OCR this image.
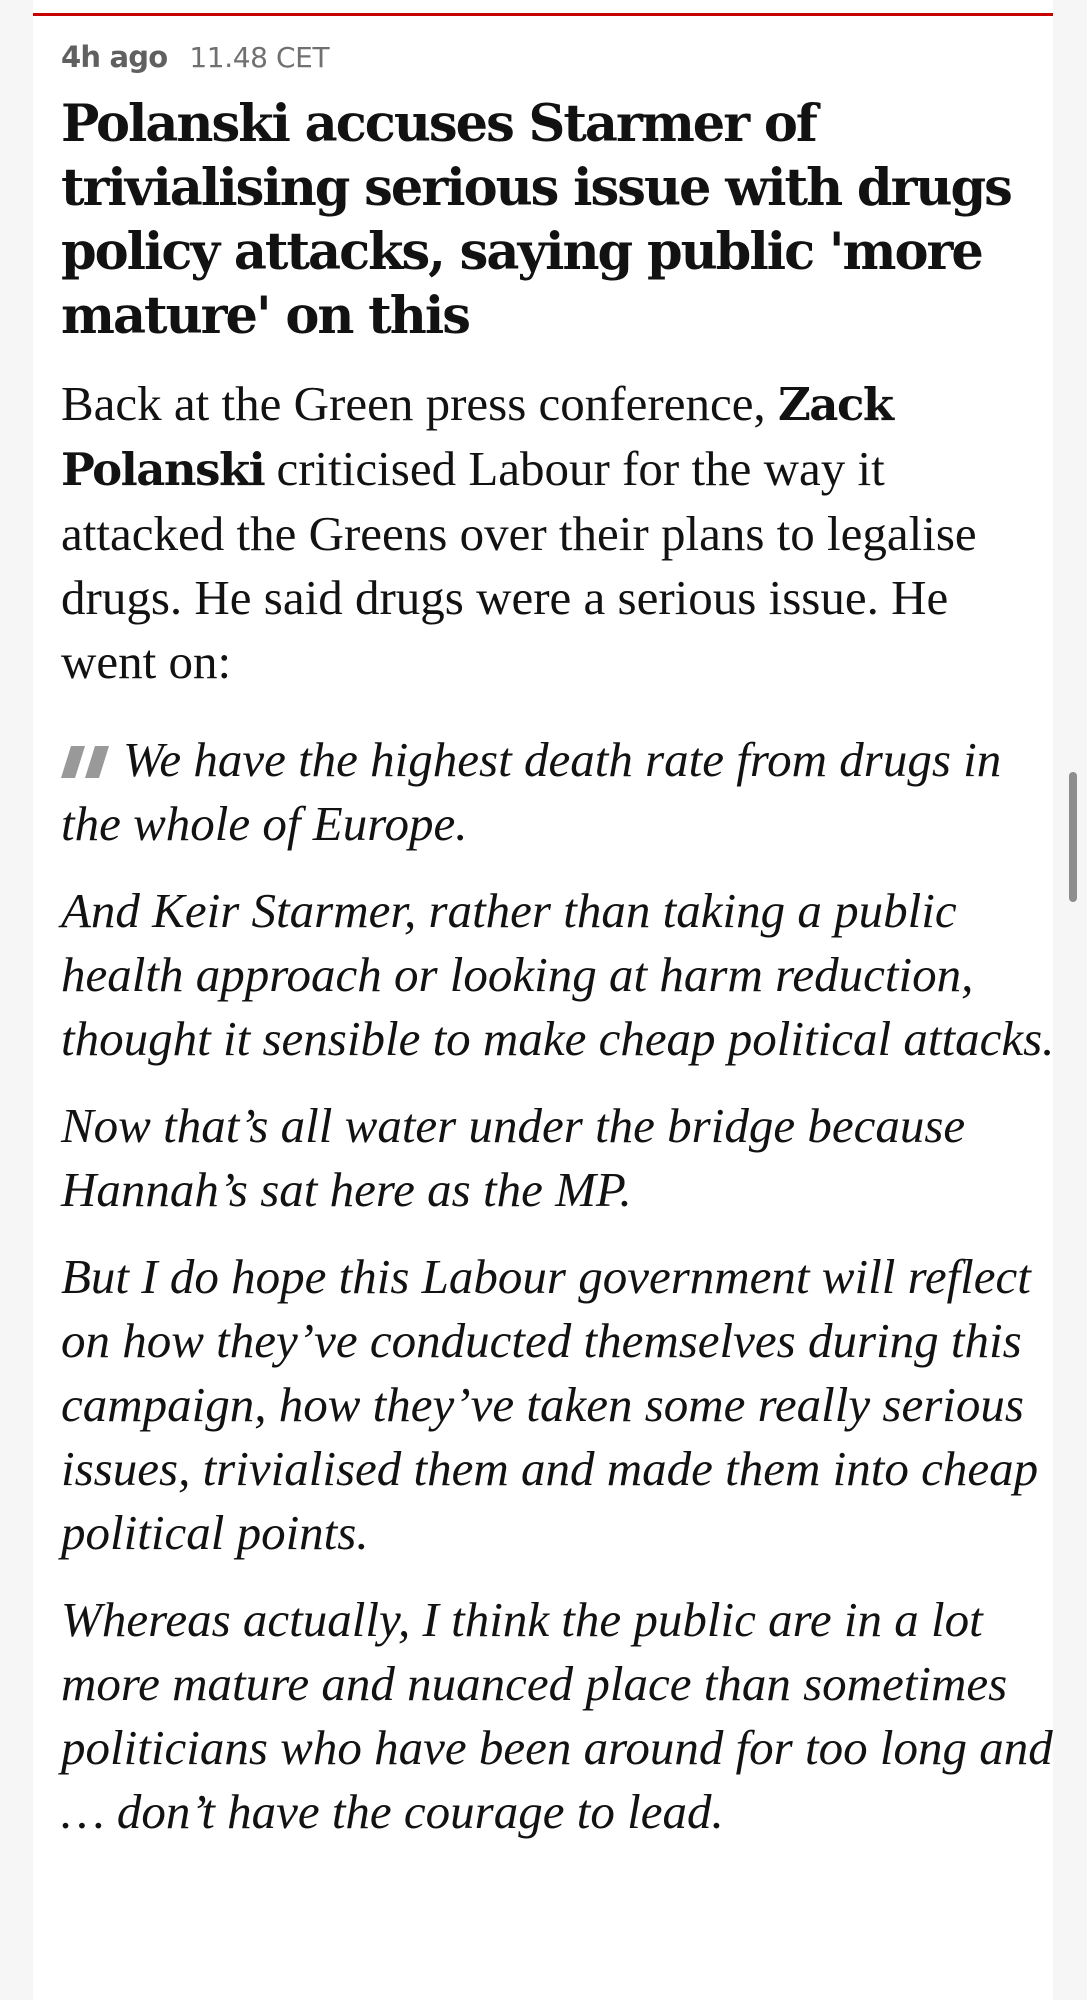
4h ago 11.48 CET
Polanski accuses Starmer of trivialising serious issue with drugs policy attacks, saying public 'more mature' on this

Back at the Green press conference, Zack Polanski criticised Labour for the way it attacked the Greens over their plans to legalise drugs. He said drugs were a serious issue. He went on:

We have the highest death rate from drugs in the whole of Europe.

And Keir Starmer, rather than taking a public health approach or looking at harm reduction, thought it sensible to make cheap political attacks.

Now that’s all water under the bridge because Hannah’s sat here as the MP.

But I do hope this Labour government will reflect on how they’ve conducted themselves during this campaign, how they’ve taken some really serious issues, trivialised them and made them into cheap political points.

Whereas actually, I think the public are in a lot more mature and nuanced place than sometimes politicians who have been around for too long and … don’t have the courage to lead.
